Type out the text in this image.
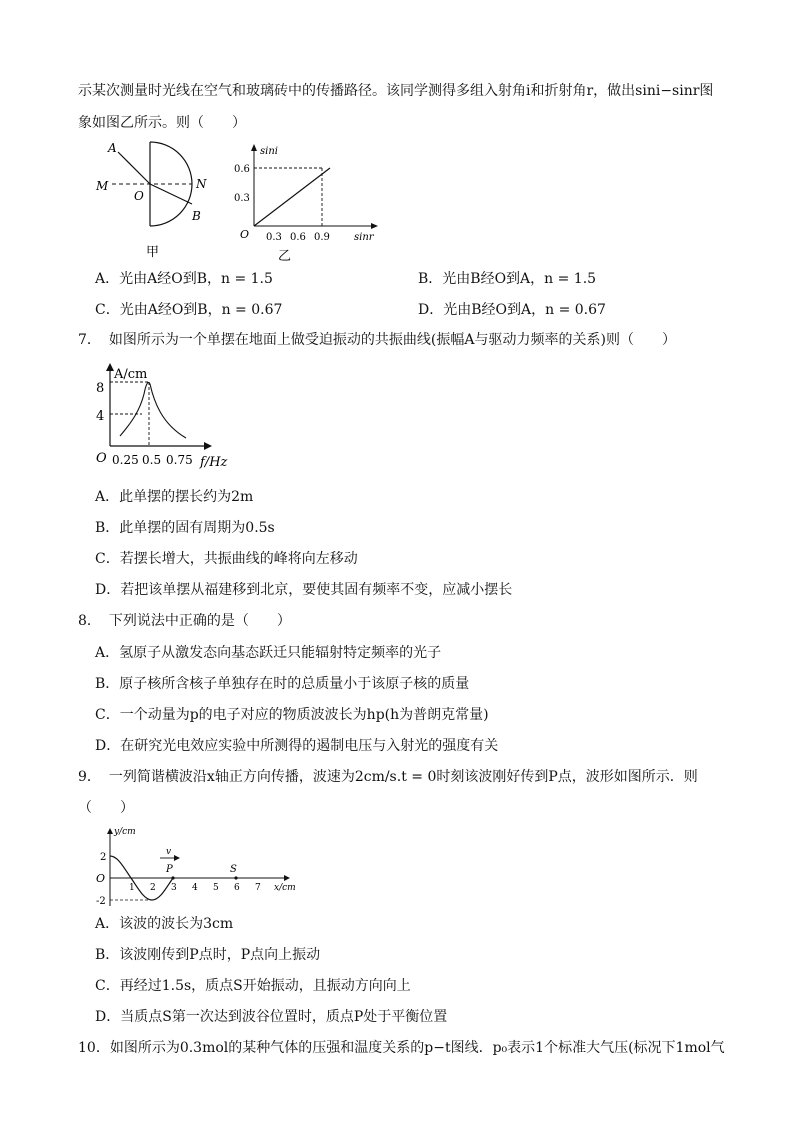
示某次测量时光线在空气和玻璃砖中的传播路径。该同学测得多组入射角i和折射角r，做出sini−sinr图
象如图乙所示。则（　　）
A
M
O
N
B
甲
sini
0.6
0.3
O 0.3 0.6 0.9 sinr
乙
A．光由A经O到B，n = 1.5	B．光由B经O到A，n = 1.5
C．光由A经O到B，n = 0.67	D．光由B经O到A，n = 0.67
7． 如图所示为一个单摆在地面上做受迫振动的共振曲线(振幅A与驱动力频率的关系)则（　　）
A/cm
8
4
O 0.25 0.5 0.75 f/Hz
A．此单摆的摆长约为2m
B．此单摆的固有周期为0.5s
C．若摆长增大，共振曲线的峰将向左移动
D．若把该单摆从福建移到北京，要使其固有频率不变，应减小摆长
8． 下列说法中正确的是（　　）
A．氢原子从激发态向基态跃迁只能辐射特定频率的光子
B．原子核所含核子单独存在时的总质量小于该原子核的质量
C．一个动量为p的电子对应的物质波波长为hp(h为普朗克常量)
D．在研究光电效应实验中所测得的遏制电压与入射光的强度有关
9． 一列简谐横波沿x轴正方向传播，波速为2cm/s.t = 0时刻该波刚好传到P点，波形如图所示．则
（　　）
y/cm
2
-2
O
1 2 3 4 5 6 7 x/cm
v
P	S
A．该波的波长为3cm
B．该波刚传到P点时，P点向上振动
C．再经过1.5s，质点S开始振动，且振动方向向上
D．当质点S第一次达到波谷位置时，质点P处于平衡位置
10．如图所示为0.3mol的某种气体的压强和温度关系的p−t图线．p₀表示1个标准大气压(标况下1mol气
